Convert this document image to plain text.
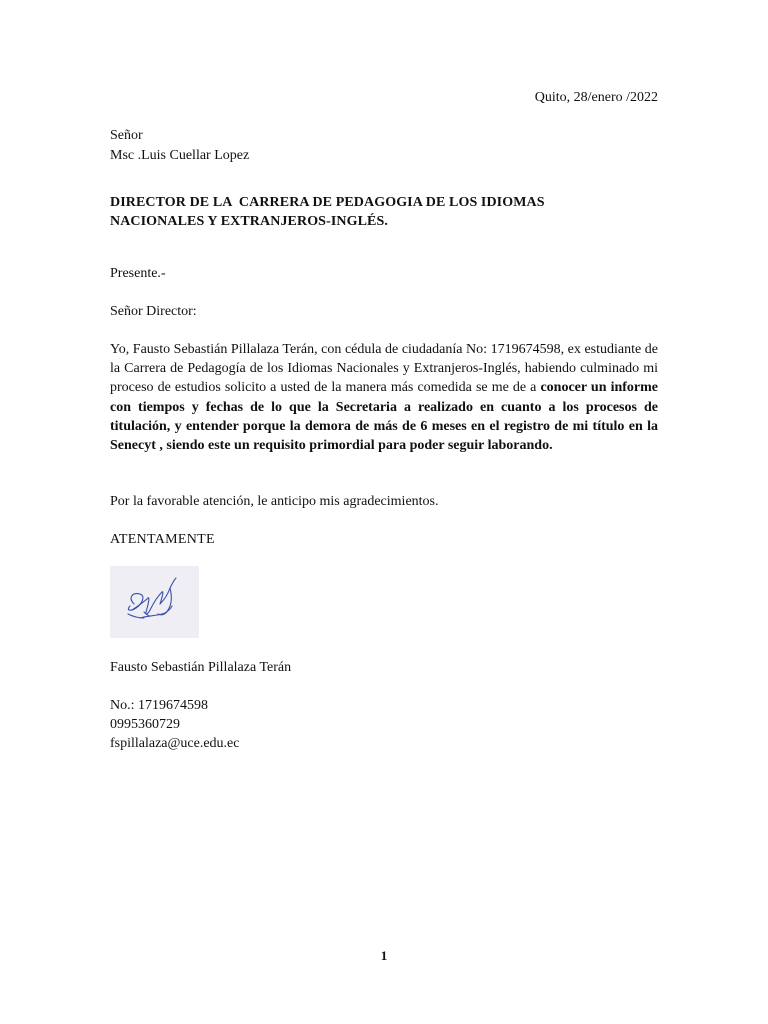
Quito, 28/enero /2022
Señor
Msc .Luis Cuellar Lopez
DIRECTOR DE LA  CARRERA DE PEDAGOGIA DE LOS IDIOMAS
NACIONALES Y EXTRANJEROS-INGLÉS.
Presente.-
Señor Director:
Yo, Fausto Sebastián Pillalaza Terán, con cédula de ciudadanía No: 1719674598, ex estudiante de la Carrera de Pedagogía de los Idiomas Nacionales y Extranjeros-Inglés, habiendo culminado mi proceso de estudios solicito a usted de la manera más comedida se me de a conocer un informe con tiempos y fechas de lo que la Secretaria a realizado en cuanto a los procesos de titulación, y entender porque la demora de más de 6 meses en el registro de mi título en la Senecyt , siendo este un requisito primordial para poder seguir laborando.
Por la favorable atención, le anticipo mis agradecimientos.
ATENTAMENTE
Fausto Sebastián Pillalaza Terán
No.: 1719674598
0995360729
fspillalaza@uce.edu.ec
1
